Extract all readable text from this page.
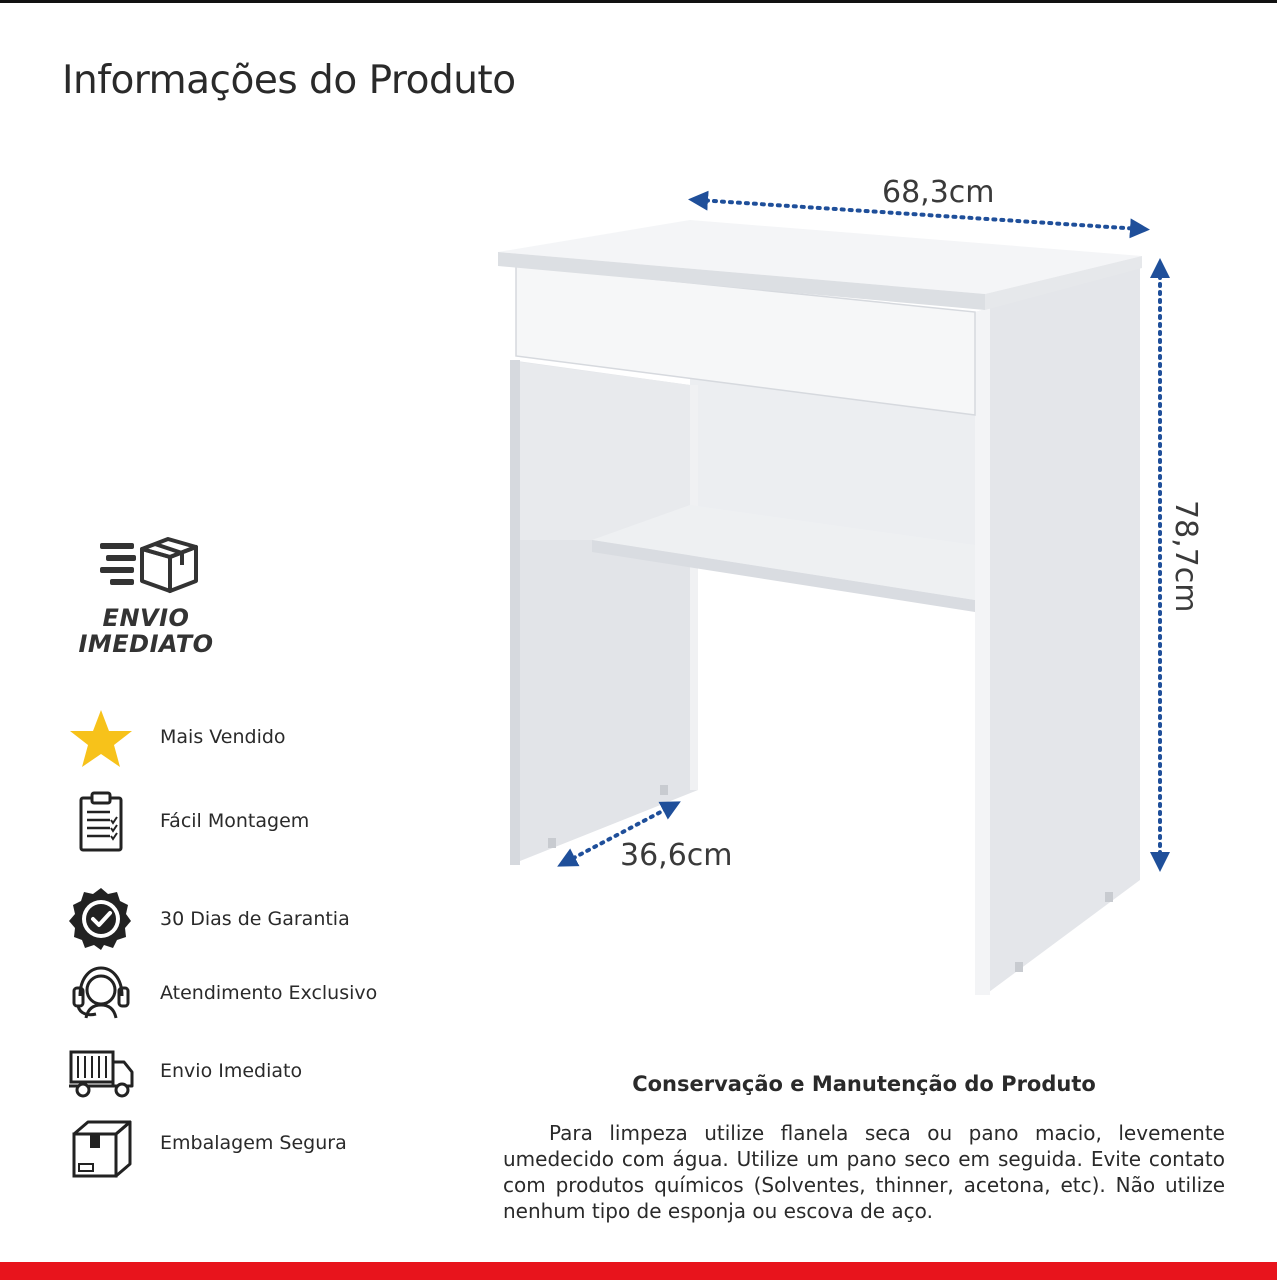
Informações do Produto
68,3cm
78,7cm
36,6cm
ENVIO
IMEDIATO
Mais Vendido
Fácil Montagem
30 Dias de Garantia
Atendimento Exclusivo
Envio Imediato
Embalagem Segura
Conservação e Manutenção do Produto

Para limpeza utilize flanela seca ou pano macio, levemente umedecido com água. Utilize um pano seco em seguida. Evite contato com produtos químicos (Solventes, thinner, acetona, etc). Não utilize nenhum tipo de esponja ou escova de aço.
